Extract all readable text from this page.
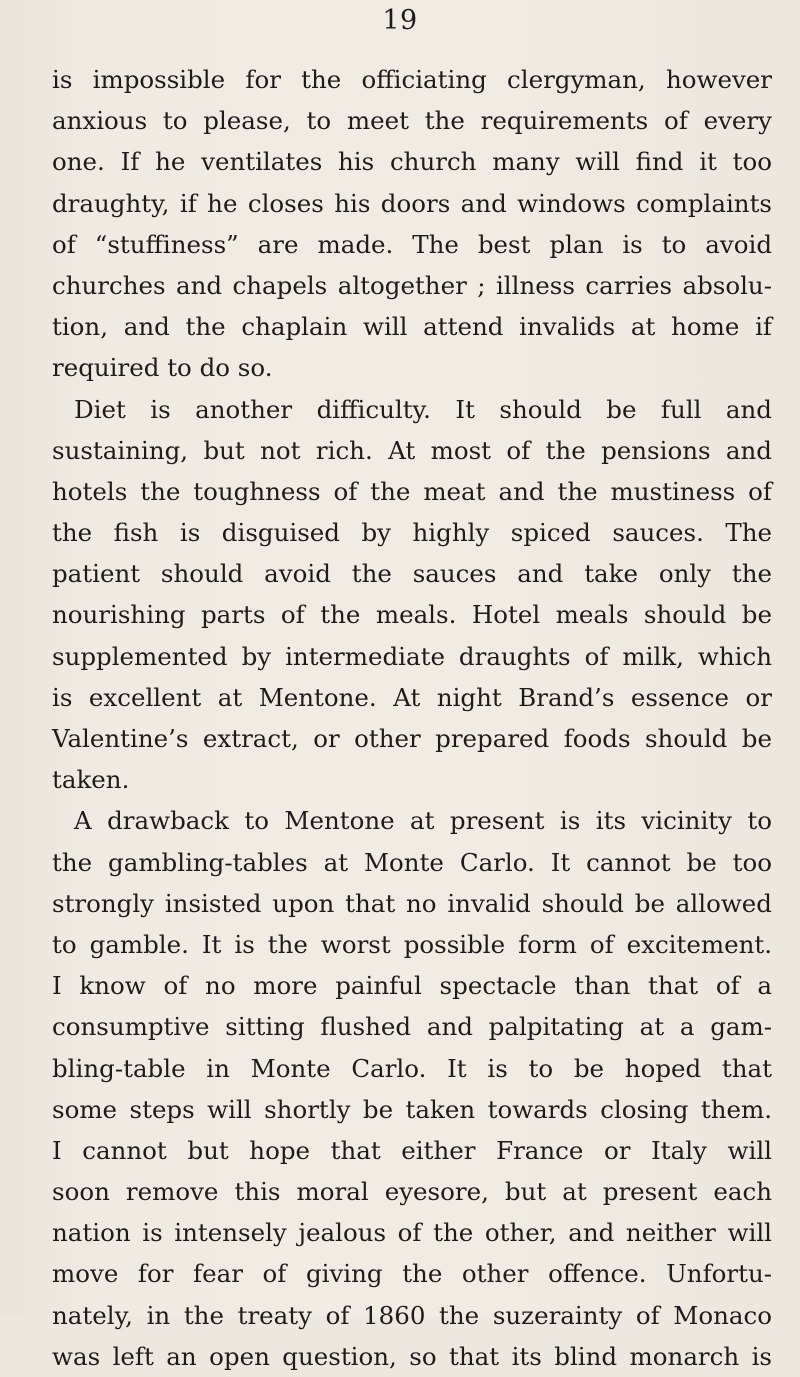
19
is impossible for the officiating clergyman, however
anxious to please, to meet the requirements of every
one. If he ventilates his church many will find it too
draughty, if he closes his doors and windows complaints
of “stuffiness” are made. The best plan is to avoid
churches and chapels altogether ; illness carries absolu-
tion, and the chaplain will attend invalids at home if
required to do so.
Diet is another difficulty. It should be full and
sustaining, but not rich. At most of the pensions and
hotels the toughness of the meat and the mustiness of
the fish is disguised by highly spiced sauces. The
patient should avoid the sauces and take only the
nourishing parts of the meals. Hotel meals should be
supplemented by intermediate draughts of milk, which
is excellent at Mentone. At night Brand’s essence or
Valentine’s extract, or other prepared foods should be
taken.
A drawback to Mentone at present is its vicinity to
the gambling-tables at Monte Carlo. It cannot be too
strongly insisted upon that no invalid should be allowed
to gamble. It is the worst possible form of excitement.
I know of no more painful spectacle than that of a
consumptive sitting flushed and palpitating at a gam-
bling-table in Monte Carlo. It is to be hoped that
some steps will shortly be taken towards closing them.
I cannot but hope that either France or Italy will
soon remove this moral eyesore, but at present each
nation is intensely jealous of the other, and neither will
move for fear of giving the other offence. Unfortu-
nately, in the treaty of 1860 the suzerainty of Monaco
was left an open question, so that its blind monarch is
